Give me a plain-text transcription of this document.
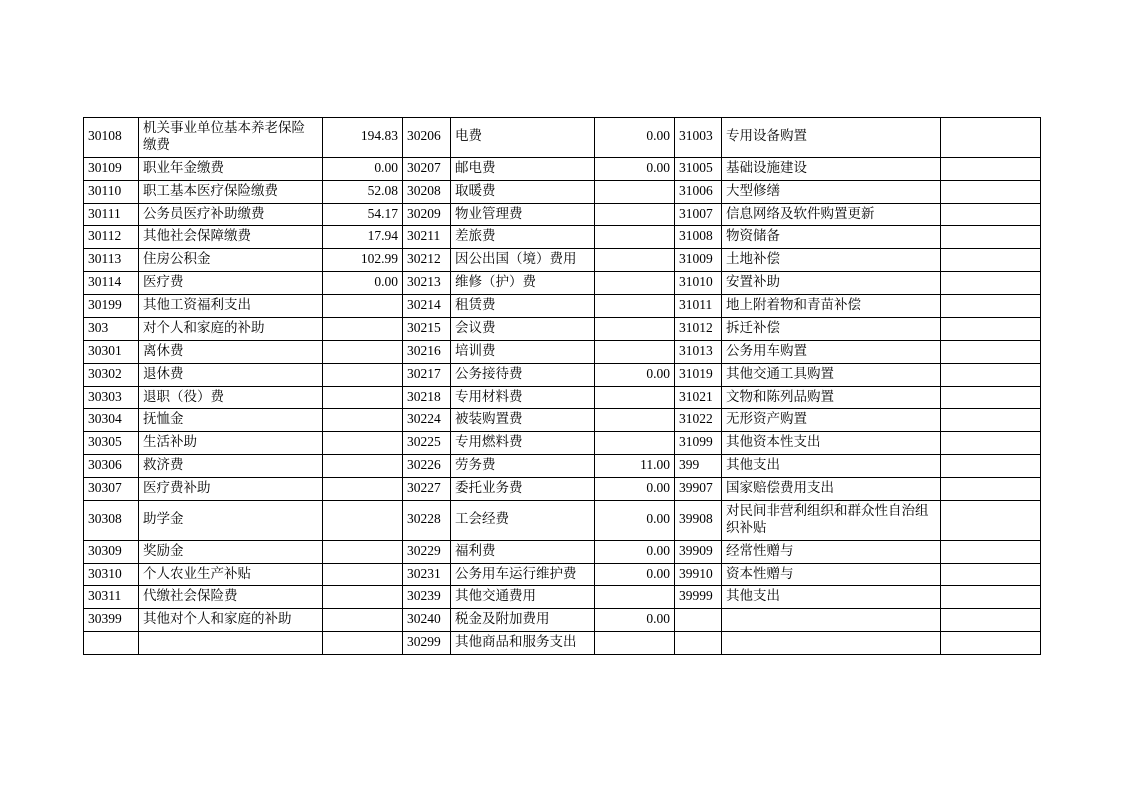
30108	机关事业单位基本养老保险缴费	194.83	30206	电费	0.00	31003	专用设备购置	
30109	职业年金缴费	0.00	30207	邮电费	0.00	31005	基础设施建设	
30110	职工基本医疗保险缴费	52.08	30208	取暖费		31006	大型修缮	
30111	公务员医疗补助缴费	54.17	30209	物业管理费		31007	信息网络及软件购置更新	
30112	其他社会保障缴费	17.94	30211	差旅费		31008	物资储备	
30113	住房公积金	102.99	30212	因公出国（境）费用		31009	土地补偿	
30114	医疗费	0.00	30213	维修（护）费		31010	安置补助	
30199	其他工资福利支出		30214	租赁费		31011	地上附着物和青苗补偿	
303	对个人和家庭的补助		30215	会议费		31012	拆迁补偿	
30301	离休费		30216	培训费		31013	公务用车购置	
30302	退休费		30217	公务接待费	0.00	31019	其他交通工具购置	
30303	退职（役）费		30218	专用材料费		31021	文物和陈列品购置	
30304	抚恤金		30224	被装购置费		31022	无形资产购置	
30305	生活补助		30225	专用燃料费		31099	其他资本性支出	
30306	救济费		30226	劳务费	11.00	399	其他支出	
30307	医疗费补助		30227	委托业务费	0.00	39907	国家赔偿费用支出	
30308	助学金		30228	工会经费	0.00	39908	对民间非营利组织和群众性自治组织补贴	
30309	奖励金		30229	福利费	0.00	39909	经常性赠与	
30310	个人农业生产补贴		30231	公务用车运行维护费	0.00	39910	资本性赠与	
30311	代缴社会保险费		30239	其他交通费用		39999	其他支出	
30399	其他对个人和家庭的补助		30240	税金及附加费用	0.00			
			30299	其他商品和服务支出				
